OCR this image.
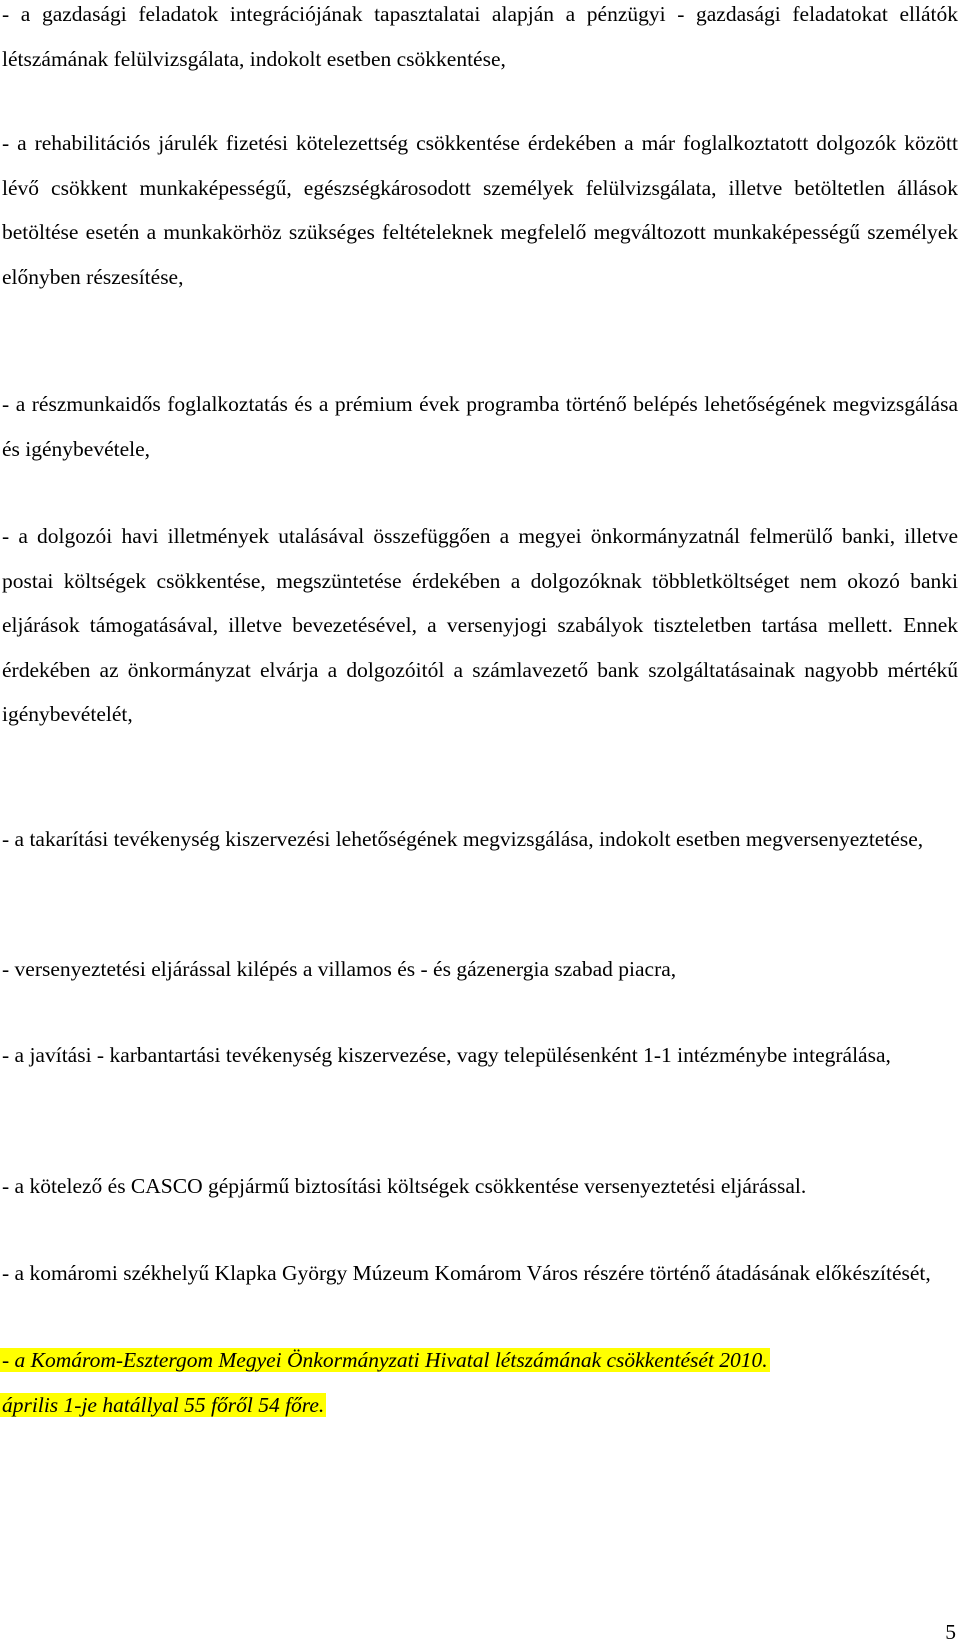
- a gazdasági feladatok integrációjának tapasztalatai alapján a pénzügyi - gazdasági feladatokat ellátók létszámának felülvizsgálata, indokolt esetben csökkentése,

- a rehabilitációs járulék fizetési kötelezettség csökkentése érdekében a már foglalkoztatott dolgozók között lévő csökkent munkaképességű, egészségkárosodott személyek felülvizsgálata, illetve betöltetlen állások betöltése esetén a munkakörhöz szükséges feltételeknek megfelelő megváltozott munkaképességű személyek előnyben részesítése,

- a részmunkaidős foglalkoztatás és a prémium évek programba történő belépés lehetőségének megvizsgálása és igénybevétele,

- a dolgozói havi illetmények utalásával összefüggően a megyei önkormányzatnál felmerülő banki, illetve postai költségek csökkentése, megszüntetése érdekében a dolgozóknak többletköltséget nem okozó banki eljárások támogatásával, illetve bevezetésével, a versenyjogi szabályok tiszteletben tartása mellett. Ennek érdekében az önkormányzat elvárja a dolgozóitól a számlavezető bank szolgáltatásainak nagyobb mértékű igénybevételét,

- a takarítási tevékenység kiszervezési lehetőségének megvizsgálása, indokolt esetben megversenyeztetése,

- versenyeztetési eljárással kilépés a villamos és - és gázenergia szabad piacra,

- a javítási - karbantartási tevékenység kiszervezése, vagy településenként 1-1 intézménybe integrálása,

- a kötelező és CASCO gépjármű biztosítási költségek csökkentése versenyeztetési eljárással.

- a komáromi székhelyű Klapka György Múzeum Komárom Város részére történő átadásának előkészítését,

- a Komárom-Esztergom Megyei Önkormányzati Hivatal létszámának csökkentését 2010.
április 1-je hatállyal 55 főről 54 főre.
5
